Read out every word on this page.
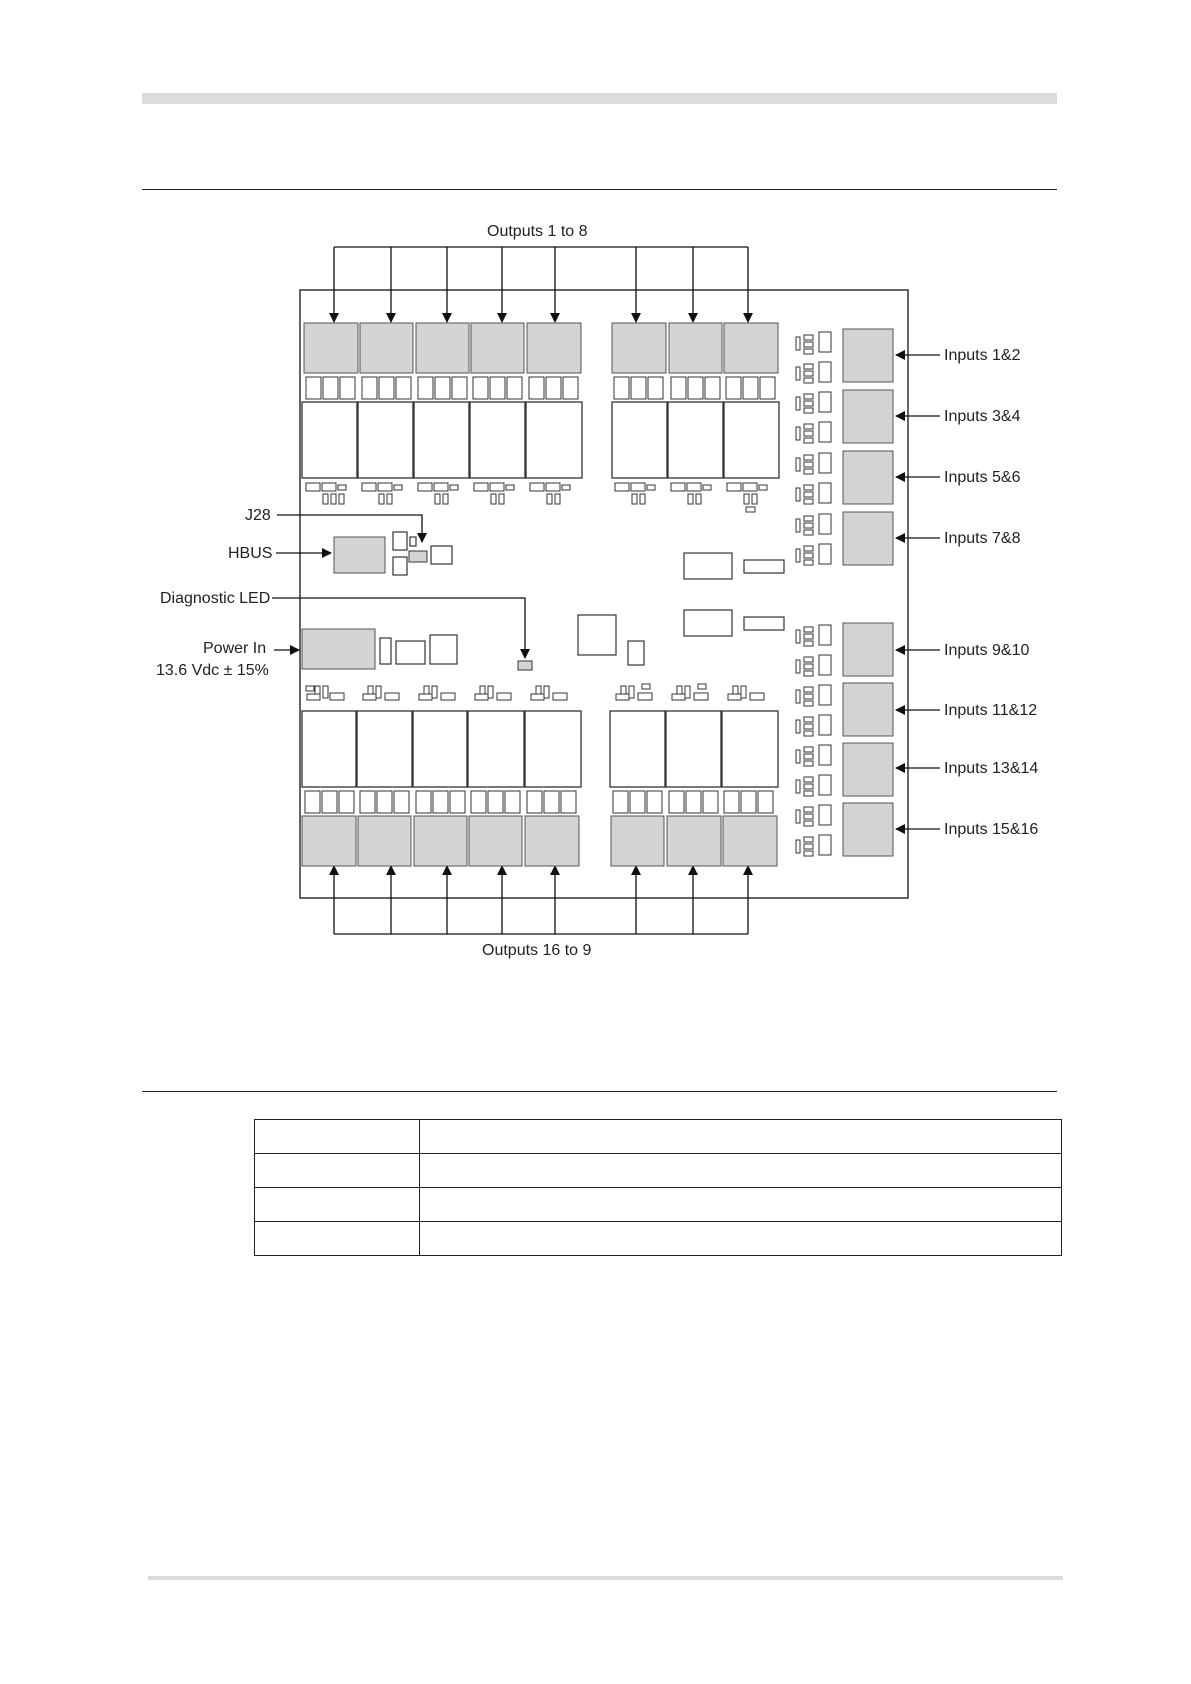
Outputs 1 to 8
Outputs 16 to 9
Inputs 1&2
Inputs 3&4
Inputs 5&6
Inputs 7&8
Inputs 9&10
Inputs 11&12
Inputs 13&14
Inputs 15&16
J28
HBUS
Diagnostic LED
Power In
13.6 Vdc ± 15%
